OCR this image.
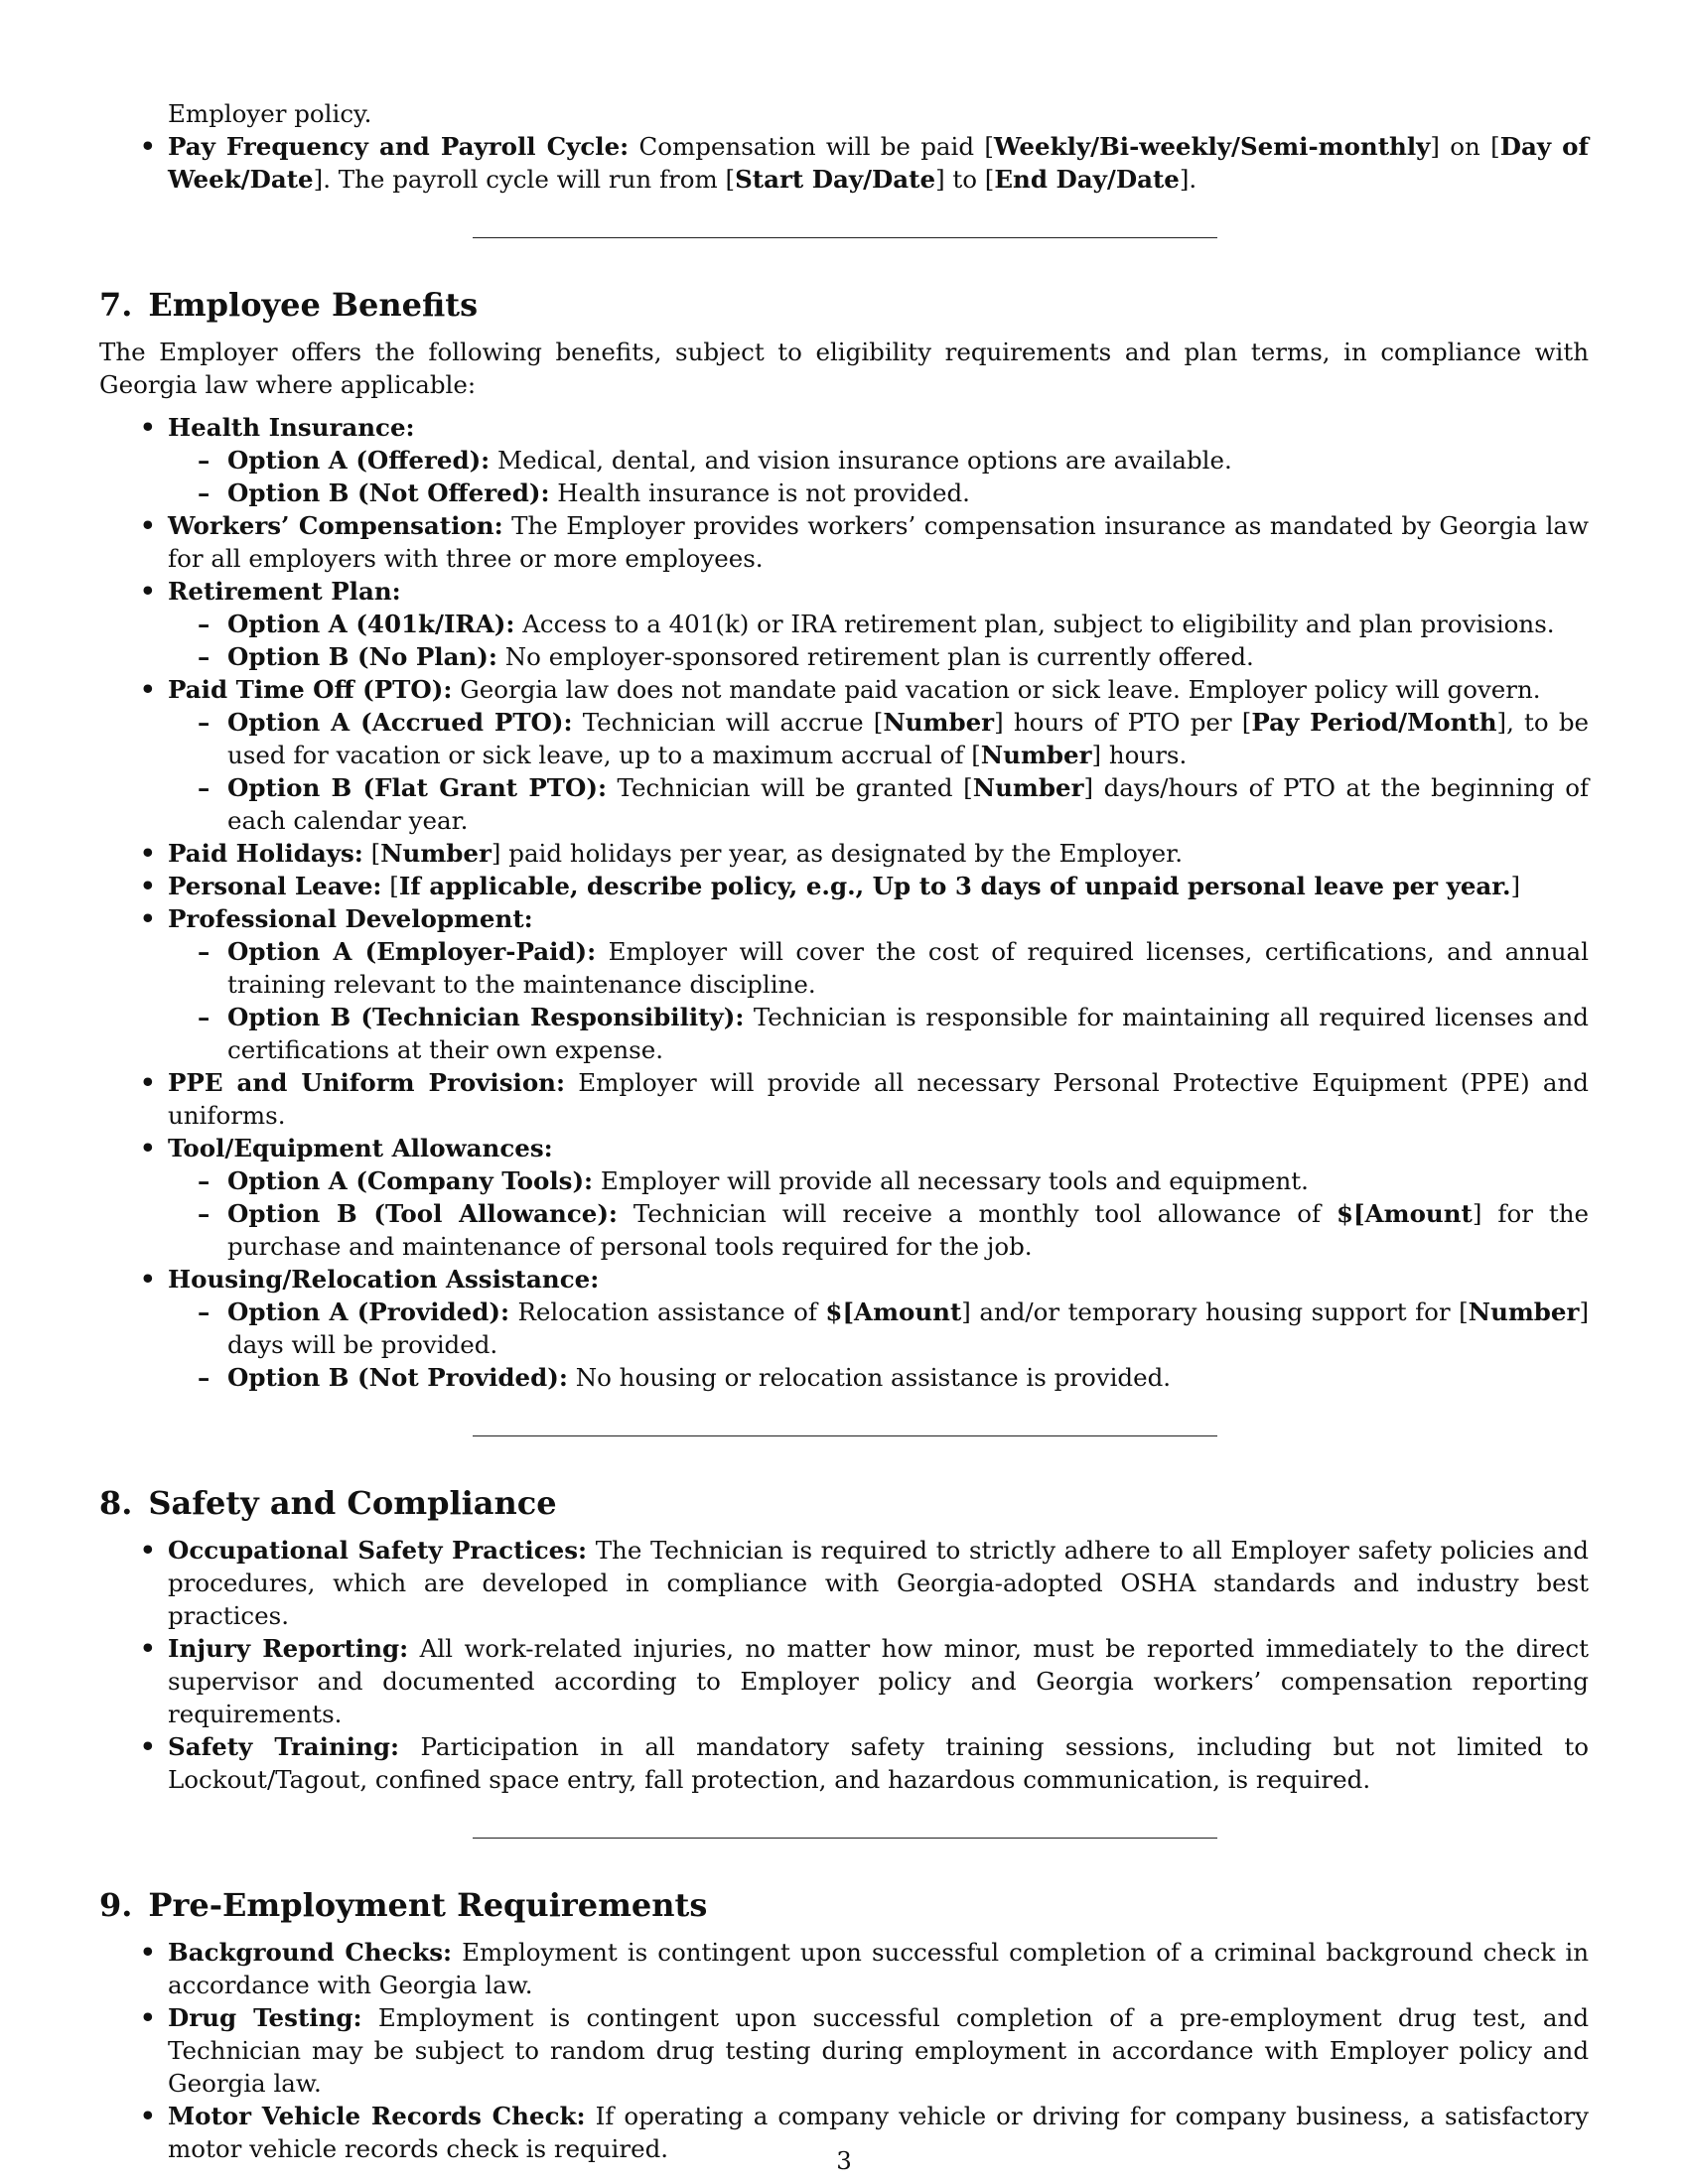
Employer policy.

• Pay Frequency and Payroll Cycle: Compensation will be paid [Weekly/Bi-weekly/Semi-monthly] on [Day of Week/Date]. The payroll cycle will run from [Start Day/Date] to [End Day/Date].
7. Employee Benefits

The Employer offers the following benefits, subject to eligibility requirements and plan terms, in compliance with Georgia law where applicable:

• Health Insurance:
– Option A (Offered): Medical, dental, and vision insurance options are available.
– Option B (Not Offered): Health insurance is not provided.
• Workers’ Compensation: The Employer provides workers’ compensation insurance as mandated by Georgia law for all employers with three or more employees.
• Retirement Plan:
– Option A (401k/IRA): Access to a 401(k) or IRA retirement plan, subject to eligibility and plan provisions.
– Option B (No Plan): No employer-sponsored retirement plan is currently offered.
• Paid Time Off (PTO): Georgia law does not mandate paid vacation or sick leave. Employer policy will govern.
– Option A (Accrued PTO): Technician will accrue [Number] hours of PTO per [Pay Period/Month], to be used for vacation or sick leave, up to a maximum accrual of [Number] hours.
– Option B (Flat Grant PTO): Technician will be granted [Number] days/hours of PTO at the beginning of each calendar year.
• Paid Holidays: [Number] paid holidays per year, as designated by the Employer.
• Personal Leave: [If applicable, describe policy, e.g., Up to 3 days of unpaid personal leave per year.]
• Professional Development:
– Option A (Employer-Paid): Employer will cover the cost of required licenses, certifications, and annual training relevant to the maintenance discipline.
– Option B (Technician Responsibility): Technician is responsible for maintaining all required licenses and certifications at their own expense.
• PPE and Uniform Provision: Employer will provide all necessary Personal Protective Equipment (PPE) and uniforms.
• Tool/Equipment Allowances:
– Option A (Company Tools): Employer will provide all necessary tools and equipment.
– Option B (Tool Allowance): Technician will receive a monthly tool allowance of $[Amount] for the purchase and maintenance of personal tools required for the job.
• Housing/Relocation Assistance:
– Option A (Provided): Relocation assistance of $[Amount] and/or temporary housing support for [Number] days will be provided.
– Option B (Not Provided): No housing or relocation assistance is provided.
8. Safety and Compliance
• Occupational Safety Practices: The Technician is required to strictly adhere to all Employer safety policies and procedures, which are developed in compliance with Georgia-adopted OSHA standards and industry best practices.
• Injury Reporting: All work-related injuries, no matter how minor, must be reported immediately to the direct supervisor and documented according to Employer policy and Georgia workers’ compensation reporting requirements.
• Safety Training: Participation in all mandatory safety training sessions, including but not limited to Lockout/Tagout, confined space entry, fall protection, and hazardous communication, is required.
9. Pre-Employment Requirements
• Background Checks: Employment is contingent upon successful completion of a criminal background check in accordance with Georgia law.
• Drug Testing: Employment is contingent upon successful completion of a pre-employment drug test, and Technician may be subject to random drug testing during employment in accordance with Employer policy and Georgia law.
• Motor Vehicle Records Check: If operating a company vehicle or driving for company business, a satisfactory motor vehicle records check is required.	3
